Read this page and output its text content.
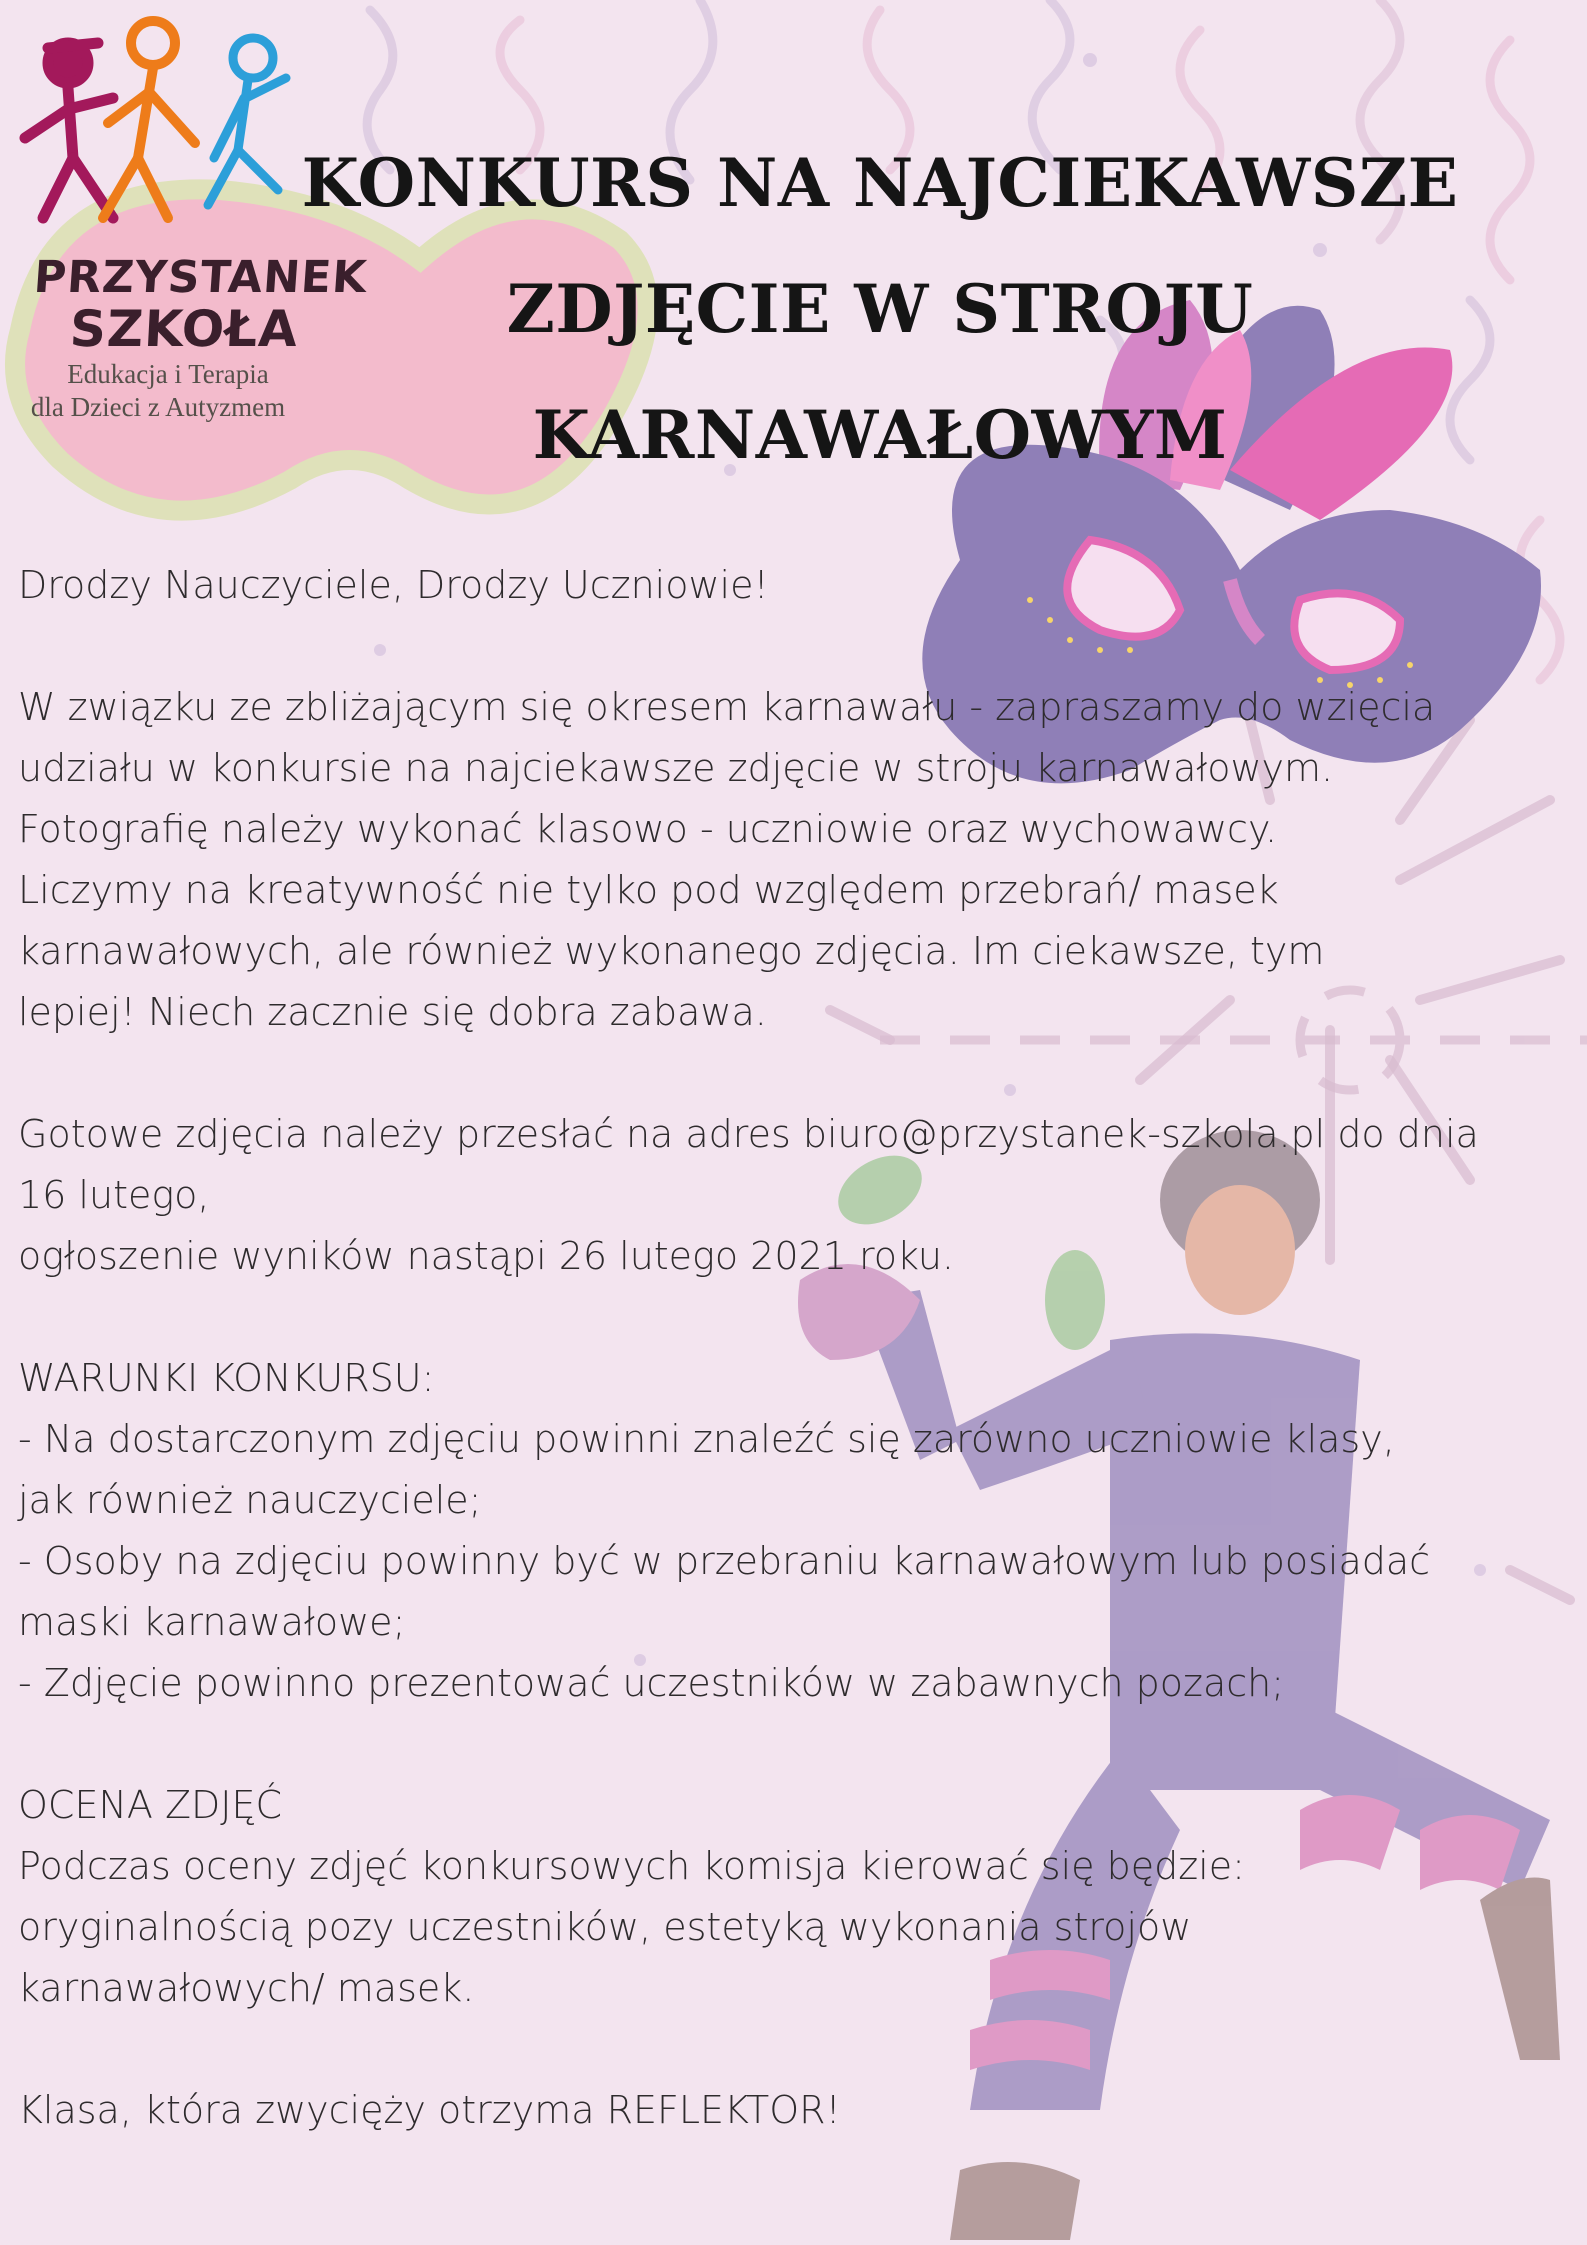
PRZYSTANEK
SZKOŁA
Edukacja i Terapia
dla Dzieci z Autyzmem
KONKURS NA NAJCIEKAWSZE
ZDJĘCIE W STROJU
KARNAWAŁOWYM
Drodzy Nauczyciele, Drodzy Uczniowie!
W związku ze zbliżającym się okresem karnawału - zapraszamy do wzięcia
udziału w konkursie na najciekawsze zdjęcie w stroju karnawałowym.
Fotografię należy wykonać klasowo - uczniowie oraz wychowawcy.
Liczymy na kreatywność nie tylko pod względem przebrań/ masek
karnawałowych, ale również wykonanego zdjęcia. Im ciekawsze, tym
lepiej! Niech zacznie się dobra zabawa.
Gotowe zdjęcia należy przesłać na adres biuro@przystanek-szkola.pl do dnia
16 lutego,
ogłoszenie wyników nastąpi 26 lutego 2021 roku.
WARUNKI KONKURSU:
- Na dostarczonym zdjęciu powinni znaleźć się zarówno uczniowie klasy,
jak również nauczyciele;
- Osoby na zdjęciu powinny być w przebraniu karnawałowym lub posiadać
maski karnawałowe;
- Zdjęcie powinno prezentować uczestników w zabawnych pozach;
OCENA ZDJĘĆ
Podczas oceny zdjęć konkursowych komisja kierować się będzie:
oryginalnością pozy uczestników, estetyką wykonania strojów
karnawałowych/ masek.
Klasa, która zwycięży otrzyma REFLEKTOR!
